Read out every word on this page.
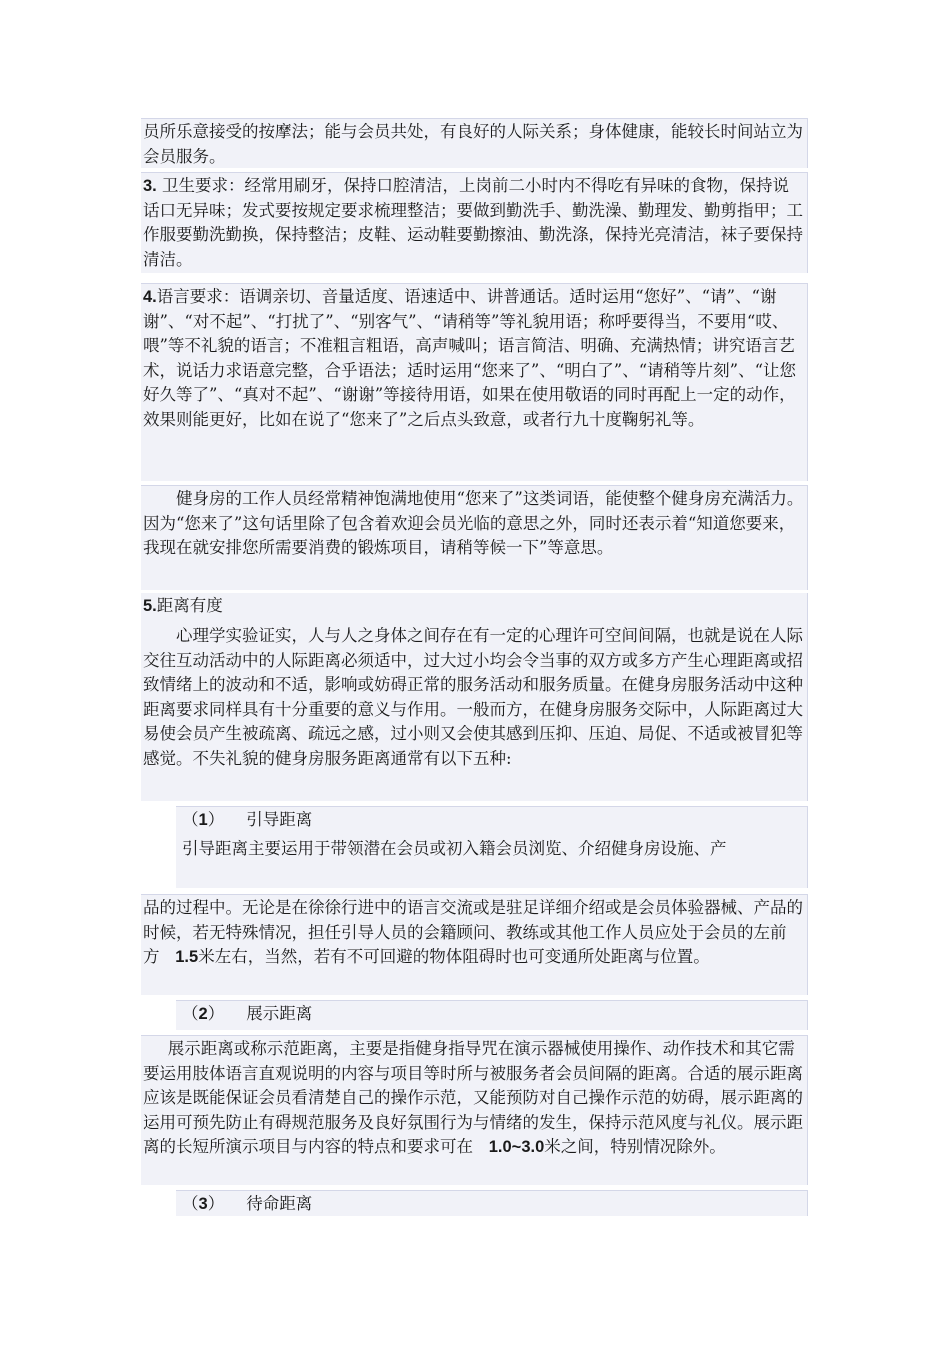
员所乐意接受的按摩法；能与会员共处，有良好的人际关系；身体健康，能较长时间站立为会员服务。
3. 卫生要求：经常用刷牙，保持口腔清洁，上岗前二小时内不得吃有异味的食物，保持说话口无异味；发式要按规定要求梳理整洁；要做到勤洗手、勤洗澡、勤理发、勤剪指甲；工作服要勤洗勤换，保持整洁；皮鞋、运动鞋要勤擦油、勤洗涤，保持光亮清洁，袜子要保持清洁。
4.语言要求：语调亲切、音量适度、语速适中、讲普通话。适时运用“您好”、“请”、“谢谢”、“对不起”、“打扰了”、“别客气”、“请稍等”等礼貌用语；称呼要得当，不要用“哎、喂”等不礼貌的语言；不准粗言粗语，高声喊叫；语言简洁、明确、充满热情；讲究语言艺术，说话力求语意完整，合乎语法；适时运用“您来了”、“明白了”、“请稍等片刻”、“让您好久等了”、“真对不起”、“谢谢”等接待用语，如果在使用敬语的同时再配上一定的动作，效果则能更好，比如在说了“您来了”之后点头致意，或者行九十度鞠躬礼等。
健身房的工作人员经常精神饱满地使用“您来了”这类词语，能使整个健身房充满活力。因为“您来了”这句话里除了包含着欢迎会员光临的意思之外，同时还表示着“知道您要来，我现在就安排您所需要消费的锻炼项目，请稍等候一下”等意思。
5.距离有度
心理学实验证实，人与人之身体之间存在有一定的心理许可空间间隔，也就是说在人际交往互动活动中的人际距离必须适中，过大过小均会令当事的双方或多方产生心理距离或招致情绪上的波动和不适，影响或妨碍正常的服务活动和服务质量。在健身房服务活动中这种距离要求同样具有十分重要的意义与作用。一般而方，在健身房服务交际中，人际距离过大易使会员产生被疏离、疏远之感，过小则又会使其感到压抑、压迫、局促、不适或被冒犯等感觉。不失礼貌的健身房服务距离通常有以下五种:
（1） 引导距离
引导距离主要运用于带领潜在会员或初入籍会员浏览、介绍健身房设施、产
品的过程中。无论是在徐徐行进中的语言交流或是驻足详细介绍或是会员体验器械、产品的时候，若无特殊情况，担任引导人员的会籍顾问、教练或其他工作人员应处于会员的左前方 1.5米左右，当然，若有不可回避的物体阻碍时也可变通所处距离与位置。
（2） 展示距离
展示距离或称示范距离，主要是指健身指导咒在演示器械使用操作、动作技术和其它需要运用肢体语言直观说明的内容与项目等时所与被服务者会员间隔的距离。合适的展示距离应该是既能保证会员看清楚自己的操作示范，又能预防对自己操作示范的妨碍，展示距离的运用可预先防止有碍规范服务及良好氛围行为与情绪的发生，保持示范风度与礼仪。展示距离的长短所演示项目与内容的特点和要求可在 1.0~3.0米之间，特别情况除外。
（3） 待命距离
